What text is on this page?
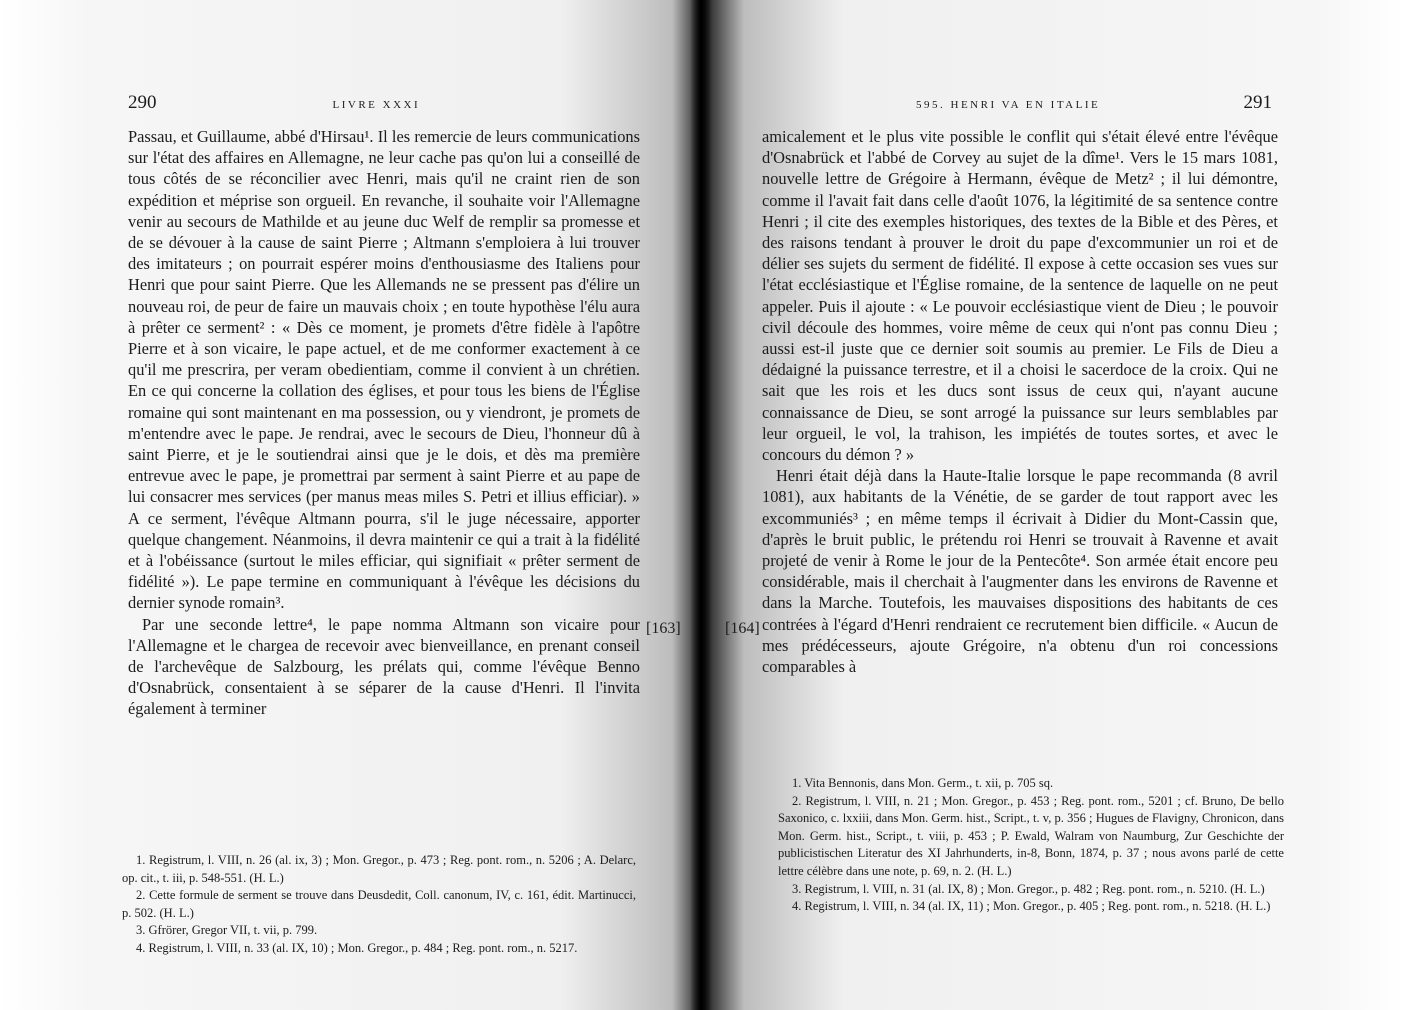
290	LIVRE XXXI

Passau, et Guillaume, abbé d'Hirsau¹. Il les remercie de leurs communications sur l'état des affaires en Allemagne, ne leur cache pas qu'on lui a conseillé de tous côtés de se réconcilier avec Henri, mais qu'il ne craint rien de son expédition et méprise son orgueil. En revanche, il souhaite voir l'Allemagne venir au secours de Mathilde et au jeune duc Welf de remplir sa promesse et de se dévouer à la cause de saint Pierre ; Altmann s'emploiera à lui trouver des imitateurs ; on pourrait espérer moins d'enthousiasme des Italiens pour Henri que pour saint Pierre. Que les Allemands ne se pressent pas d'élire un nouveau roi, de peur de faire un mauvais choix ; en toute hypothèse l'élu aura à prêter ce serment² : « Dès ce moment, je promets d'être fidèle à l'apôtre Pierre et à son vicaire, le pape actuel, et de me conformer exactement à ce qu'il me prescrira, per veram obedientiam, comme il convient à un chrétien. En ce qui concerne la collation des églises, et pour tous les biens de l'Église romaine qui sont maintenant en ma possession, ou y viendront, je promets de m'entendre avec le pape. Je rendrai, avec le secours de Dieu, l'honneur dû à saint Pierre, et je le soutiendrai ainsi que je le dois, et dès ma première entrevue avec le pape, je promettrai par serment à saint Pierre et au pape de lui consacrer mes services (per manus meas miles S. Petri et illius efficiar). » A ce serment, l'évêque Altmann pourra, s'il le juge nécessaire, apporter quelque changement. Néanmoins, il devra maintenir ce qui a trait à la fidélité et à l'obéissance (surtout le miles efficiar, qui signifiait « prêter serment de fidélité »). Le pape termine en communiquant à l'évêque les décisions du dernier synode romain³.

Par une seconde lettre⁴, le pape nomma Altmann son vicaire pour l'Allemagne et le chargea de recevoir avec bienveillance, en prenant conseil de l'archevêque de Salzbourg, les prélats qui, comme l'évêque Benno d'Osnabrück, consentaient à se séparer de la cause d'Henri. Il l'invita également à terminer

1. Registrum, l. VIII, n. 26 (al. ix, 3) ; Mon. Gregor., p. 473 ; Reg. pont. rom., n. 5206 ; A. Delarc, op. cit., t. iii, p. 548-551. (H. L.)

2. Cette formule de serment se trouve dans Deusdedit, Coll. canonum, IV, c. 161, édit. Martinucci, p. 502. (H. L.)

3. Gfrörer, Gregor VII, t. vii, p. 799.

4. Registrum, l. VIII, n. 33 (al. IX, 10) ; Mon. Gregor., p. 484 ; Reg. pont. rom., n. 5217.

595. HENRI VA EN ITALIE	291

amicalement et le plus vite possible le conflit qui s'était élevé entre l'évêque d'Osnabrück et l'abbé de Corvey au sujet de la dîme¹. Vers le 15 mars 1081, nouvelle lettre de Grégoire à Hermann, évêque de Metz² ; il lui démontre, comme il l'avait fait dans celle d'août 1076, la légitimité de sa sentence contre Henri ; il cite des exemples historiques, des textes de la Bible et des Pères, et des raisons tendant à prouver le droit du pape d'excommunier un roi et de délier ses sujets du serment de fidélité. Il expose à cette occasion ses vues sur l'état ecclésiastique et l'Église romaine, de la sentence de laquelle on ne peut appeler. Puis il ajoute : « Le pouvoir ecclésiastique vient de Dieu ; le pouvoir civil découle des hommes, voire même de ceux qui n'ont pas connu Dieu ; aussi est-il juste que ce dernier soit soumis au premier. Le Fils de Dieu a dédaigné la puissance terrestre, et il a choisi le sacerdoce de la croix. Qui ne sait que les rois et les ducs sont issus de ceux qui, n'ayant aucune connaissance de Dieu, se sont arrogé la puissance sur leurs semblables par leur orgueil, le vol, la trahison, les impiétés de toutes sortes, et avec le concours du démon ? »

Henri était déjà dans la Haute-Italie lorsque le pape recommanda (8 avril 1081), aux habitants de la Vénétie, de se garder de tout rapport avec les excommuniés³ ; en même temps il écrivait à Didier du Mont-Cassin que, d'après le bruit public, le prétendu roi Henri se trouvait à Ravenne et avait projeté de venir à Rome le jour de la Pentecôte⁴. Son armée était encore peu considérable, mais il cherchait à l'augmenter dans les environs de Ravenne et dans la Marche. Toutefois, les mauvaises dispositions des habitants de ces contrées à l'égard d'Henri rendraient ce recrutement bien difficile. « Aucun de mes prédécesseurs, ajoute Grégoire, n'a obtenu d'un roi concessions comparables à

1. Vita Bennonis, dans Mon. Germ., t. xii, p. 705 sq.

2. Registrum, l. VIII, n. 21 ; Mon. Gregor., p. 453 ; Reg. pont. rom., 5201 ; cf. Bruno, De bello Saxonico, c. lxxiii, dans Mon. Germ. hist., Script., t. v, p. 356 ; Hugues de Flavigny, Chronicon, dans Mon. Germ. hist., Script., t. viii, p. 453 ; P. Ewald, Walram von Naumburg, Zur Geschichte der publicistischen Literatur des XI Jahrhunderts, in-8, Bonn, 1874, p. 37 ; nous avons parlé de cette lettre célèbre dans une note, p. 69, n. 2. (H. L.)

3. Registrum, l. VIII, n. 31 (al. IX, 8) ; Mon. Gregor., p. 482 ; Reg. pont. rom., n. 5210. (H. L.)

4. Registrum, l. VIII, n. 34 (al. IX, 11) ; Mon. Gregor., p. 405 ; Reg. pont. rom., n. 5218. (H. L.)

[163]	[164]
